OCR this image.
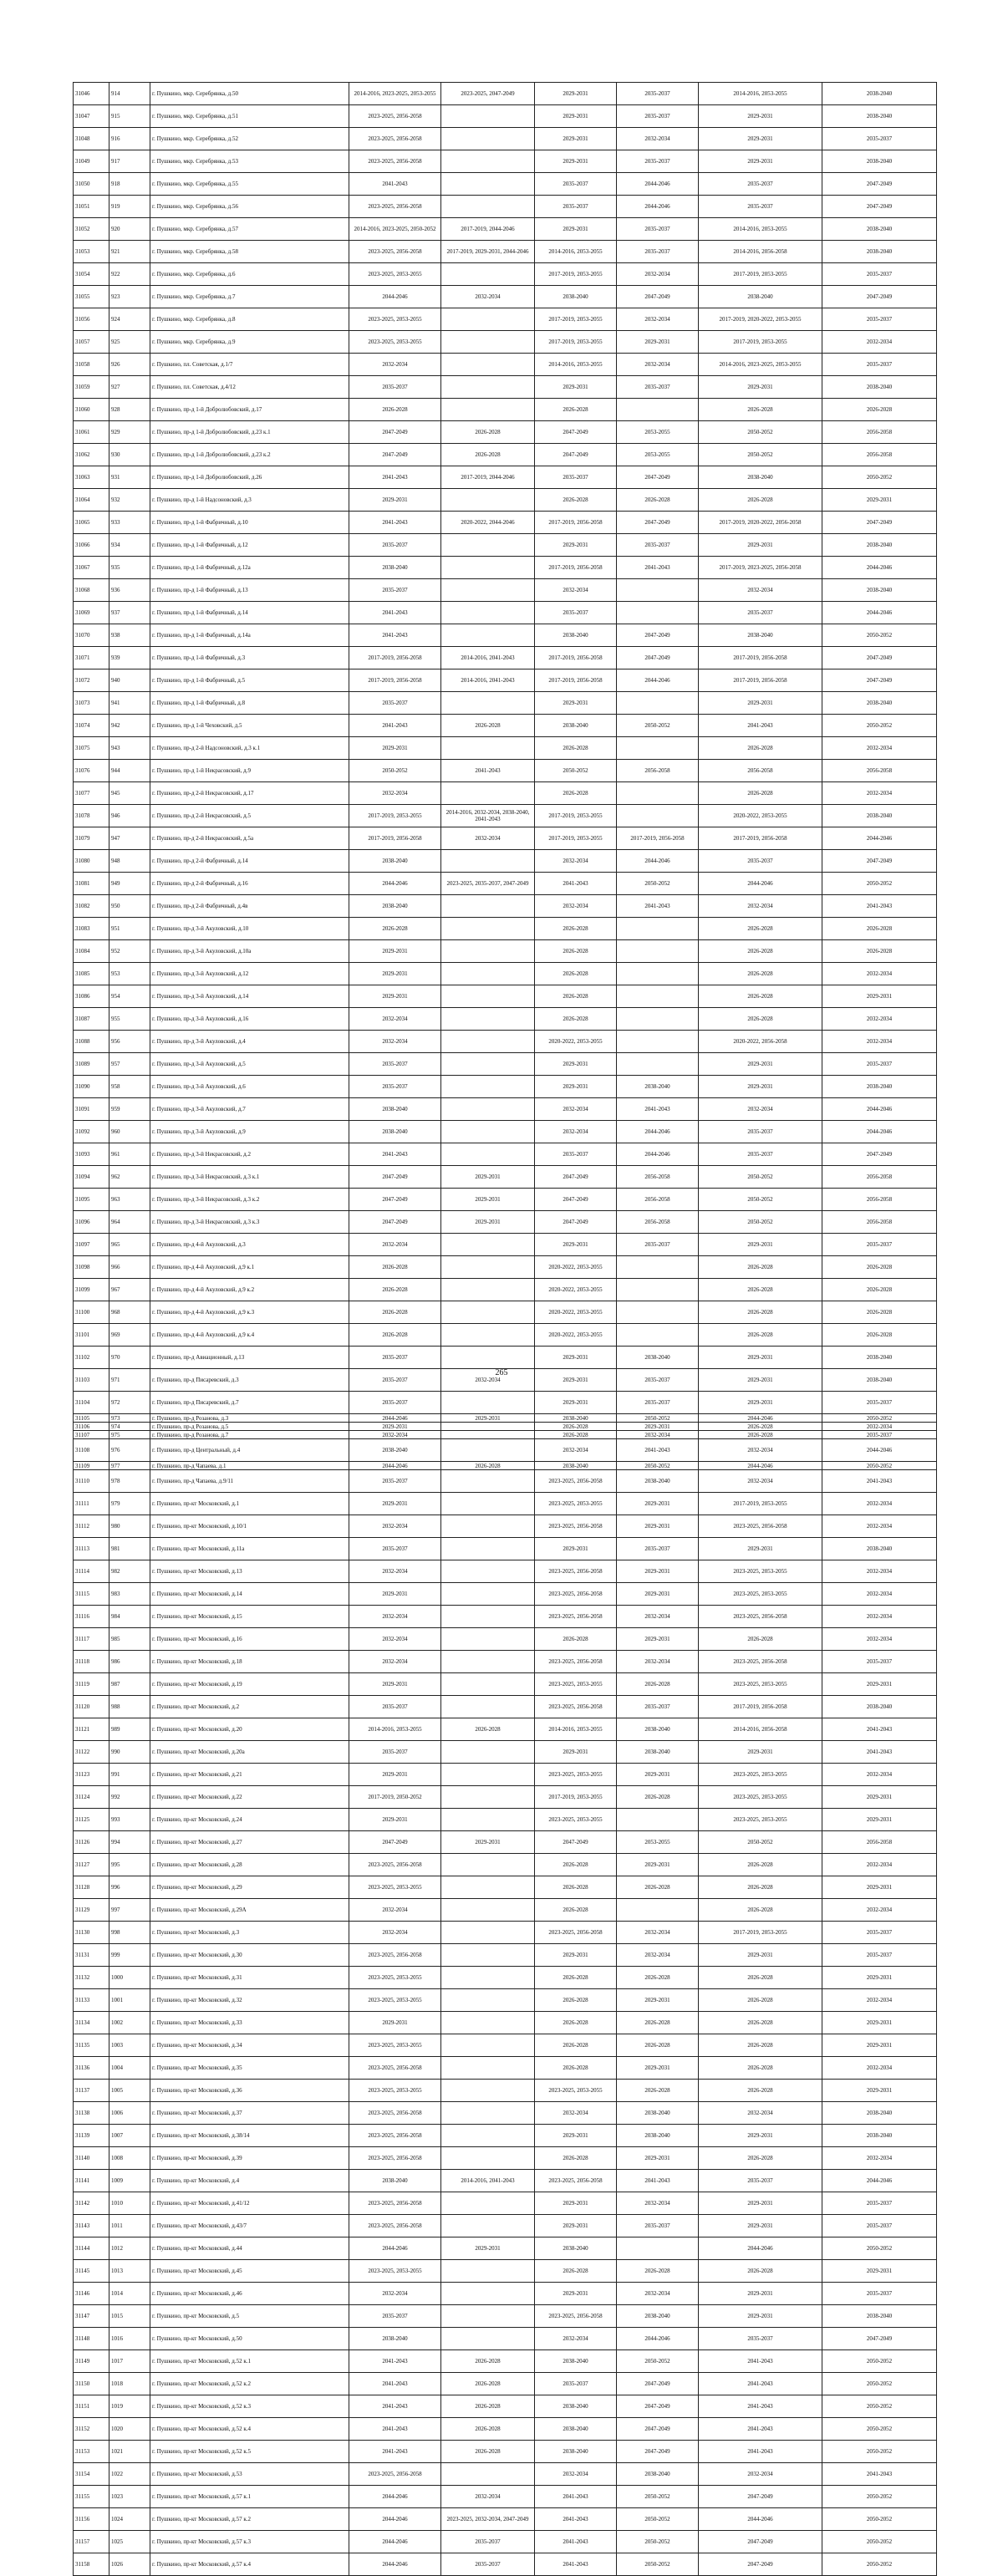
31046	914	г. Пушкино, мкр. Серебрянка, д.50	2014-2016, 2023-2025, 2053-2055	2023-2025, 2047-2049	2029-2031	2035-2037	2014-2016, 2053-2055	2038-2040
31047	915	г. Пушкино, мкр. Серебрянка, д.51	2023-2025, 2056-2058		2029-2031	2035-2037	2029-2031	2038-2040
31048	916	г. Пушкино, мкр. Серебрянка, д.52	2023-2025, 2056-2058		2029-2031	2032-2034	2029-2031	2035-2037
31049	917	г. Пушкино, мкр. Серебрянка, д.53	2023-2025, 2056-2058		2029-2031	2035-2037	2029-2031	2038-2040
31050	918	г. Пушкино, мкр. Серебрянка, д.55	2041-2043		2035-2037	2044-2046	2035-2037	2047-2049
31051	919	г. Пушкино, мкр. Серебрянка, д.56	2023-2025, 2056-2058		2035-2037	2044-2046	2035-2037	2047-2049
31052	920	г. Пушкино, мкр. Серебрянка, д.57	2014-2016, 2023-2025, 2050-2052	2017-2019, 2044-2046	2029-2031	2035-2037	2014-2016, 2053-2055	2038-2040
31053	921	г. Пушкино, мкр. Серебрянка, д.58	2023-2025, 2056-2058	2017-2019, 2029-2031, 2044-2046	2014-2016, 2053-2055	2035-2037	2014-2016, 2056-2058	2038-2040
31054	922	г. Пушкино, мкр. Серебрянка, д.6	2023-2025, 2053-2055		2017-2019, 2053-2055	2032-2034	2017-2019, 2053-2055	2035-2037
31055	923	г. Пушкино, мкр. Серебрянка, д.7	2044-2046	2032-2034	2038-2040	2047-2049	2038-2040	2047-2049
31056	924	г. Пушкино, мкр. Серебрянка, д.8	2023-2025, 2053-2055		2017-2019, 2053-2055	2032-2034	2017-2019, 2020-2022, 2053-2055	2035-2037
31057	925	г. Пушкино, мкр. Серебрянка, д.9	2023-2025, 2053-2055		2017-2019, 2053-2055	2029-2031	2017-2019, 2053-2055	2032-2034
31058	926	г. Пушкино, пл. Советская, д.1/7	2032-2034		2014-2016, 2053-2055	2032-2034	2014-2016, 2023-2025, 2053-2055	2035-2037
31059	927	г. Пушкино, пл. Советская, д.4/12	2035-2037		2029-2031	2035-2037	2029-2031	2038-2040
31060	928	г. Пушкино, пр-д 1-й Добролюбовский, д.17	2026-2028		2026-2028		2026-2028	2026-2028
31061	929	г. Пушкино, пр-д 1-й Добролюбовский, д.23 к.1	2047-2049	2026-2028	2047-2049	2053-2055	2050-2052	2056-2058
31062	930	г. Пушкино, пр-д 1-й Добролюбовский, д.23 к.2	2047-2049	2026-2028	2047-2049	2053-2055	2050-2052	2056-2058
31063	931	г. Пушкино, пр-д 1-й Добролюбовский, д.26	2041-2043	2017-2019, 2044-2046	2035-2037	2047-2049	2038-2040	2050-2052
31064	932	г. Пушкино, пр-д 1-й Надсоновский, д.3	2029-2031		2026-2028	2026-2028	2026-2028	2029-2031
31065	933	г. Пушкино, пр-д 1-й Фабричный, д.10	2041-2043	2020-2022, 2044-2046	2017-2019, 2056-2058	2047-2049	2017-2019, 2020-2022, 2056-2058	2047-2049
31066	934	г. Пушкино, пр-д 1-й Фабричный, д.12	2035-2037		2029-2031	2035-2037	2029-2031	2038-2040
31067	935	г. Пушкино, пр-д 1-й Фабричный, д.12а	2038-2040		2017-2019, 2056-2058	2041-2043	2017-2019, 2023-2025, 2056-2058	2044-2046
31068	936	г. Пушкино, пр-д 1-й Фабричный, д.13	2035-2037		2032-2034		2032-2034	2038-2040
31069	937	г. Пушкино, пр-д 1-й Фабричный, д.14	2041-2043		2035-2037		2035-2037	2044-2046
31070	938	г. Пушкино, пр-д 1-й Фабричный, д.14а	2041-2043		2038-2040	2047-2049	2038-2040	2050-2052
31071	939	г. Пушкино, пр-д 1-й Фабричный, д.3	2017-2019, 2056-2058	2014-2016, 2041-2043	2017-2019, 2056-2058	2047-2049	2017-2019, 2056-2058	2047-2049
31072	940	г. Пушкино, пр-д 1-й Фабричный, д.5	2017-2019, 2056-2058	2014-2016, 2041-2043	2017-2019, 2056-2058	2044-2046	2017-2019, 2056-2058	2047-2049
31073	941	г. Пушкино, пр-д 1-й Фабричный, д.8	2035-2037		2029-2031		2029-2031	2038-2040
31074	942	г. Пушкино, пр-д 1-й Чеховский, д.5	2041-2043	2026-2028	2038-2040	2050-2052	2041-2043	2050-2052
31075	943	г. Пушкино, пр-д 2-й Надсоновский, д.3 к.1	2029-2031		2026-2028		2026-2028	2032-2034
31076	944	г. Пушкино, пр-д 1-й Некрасовский, д.9	2050-2052	2041-2043	2050-2052	2056-2058	2056-2058	2056-2058
31077	945	г. Пушкино, пр-д 2-й Некрасовский, д.17	2032-2034		2026-2028		2026-2028	2032-2034
31078	946	г. Пушкино, пр-д 2-й Некрасовский, д.5	2017-2019, 2053-2055	2014-2016, 2032-2034, 2038-2040, 2041-2043	2017-2019, 2053-2055		2020-2022, 2053-2055	2038-2040
31079	947	г. Пушкино, пр-д 2-й Некрасовский, д.5а	2017-2019, 2056-2058	2032-2034	2017-2019, 2053-2055	2017-2019, 2056-2058	2017-2019, 2056-2058	2044-2046
31080	948	г. Пушкино, пр-д 2-й Фабричный, д.14	2038-2040		2032-2034	2044-2046	2035-2037	2047-2049
31081	949	г. Пушкино, пр-д 2-й Фабричный, д.16	2044-2046	2023-2025, 2035-2037, 2047-2049	2041-2043	2050-2052	2044-2046	2050-2052
31082	950	г. Пушкино, пр-д 2-й Фабричный, д.4в	2038-2040		2032-2034	2041-2043	2032-2034	2041-2043
31083	951	г. Пушкино, пр-д 3-й Акуловский, д.10	2026-2028		2026-2028		2026-2028	2026-2028
31084	952	г. Пушкино, пр-д 3-й Акуловский, д.10а	2029-2031		2026-2028		2026-2028	2026-2028
31085	953	г. Пушкино, пр-д 3-й Акуловский, д.12	2029-2031		2026-2028		2026-2028	2032-2034
31086	954	г. Пушкино, пр-д 3-й Акуловский, д.14	2029-2031		2026-2028		2026-2028	2029-2031
31087	955	г. Пушкино, пр-д 3-й Акуловский, д.16	2032-2034		2026-2028		2026-2028	2032-2034
31088	956	г. Пушкино, пр-д 3-й Акуловский, д.4	2032-2034		2020-2022, 2053-2055		2020-2022, 2056-2058	2032-2034
31089	957	г. Пушкино, пр-д 3-й Акуловский, д.5	2035-2037		2029-2031		2029-2031	2035-2037
31090	958	г. Пушкино, пр-д 3-й Акуловский, д.6	2035-2037		2029-2031	2038-2040	2029-2031	2038-2040
31091	959	г. Пушкино, пр-д 3-й Акуловский, д.7	2038-2040		2032-2034	2041-2043	2032-2034	2044-2046
31092	960	г. Пушкино, пр-д 3-й Акуловский, д.9	2038-2040		2032-2034	2044-2046	2035-2037	2044-2046
31093	961	г. Пушкино, пр-д 3-й Некрасовский, д.2	2041-2043		2035-2037	2044-2046	2035-2037	2047-2049
31094	962	г. Пушкино, пр-д 3-й Некрасовский, д.3 к.1	2047-2049	2029-2031	2047-2049	2056-2058	2050-2052	2056-2058
31095	963	г. Пушкино, пр-д 3-й Некрасовский, д.3 к.2	2047-2049	2029-2031	2047-2049	2056-2058	2050-2052	2056-2058
31096	964	г. Пушкино, пр-д 3-й Некрасовский, д.3 к.3	2047-2049	2029-2031	2047-2049	2056-2058	2050-2052	2056-2058
31097	965	г. Пушкино, пр-д 4-й Акуловский, д.3	2032-2034		2029-2031	2035-2037	2029-2031	2035-2037
31098	966	г. Пушкино, пр-д 4-й Акуловский, д.9 к.1	2026-2028		2020-2022, 2053-2055		2026-2028	2026-2028
31099	967	г. Пушкино, пр-д 4-й Акуловский, д.9 к.2	2026-2028		2020-2022, 2053-2055		2026-2028	2026-2028
31100	968	г. Пушкино, пр-д 4-й Акуловский, д.9 к.3	2026-2028		2020-2022, 2053-2055		2026-2028	2026-2028
31101	969	г. Пушкино, пр-д 4-й Акуловский, д.9 к.4	2026-2028		2020-2022, 2053-2055		2026-2028	2026-2028
31102	970	г. Пушкино, пр-д Авиационный, д.13	2035-2037		2029-2031	2038-2040	2029-2031	2038-2040
31103	971	г. Пушкино, пр-д Писаревский, д.3	2035-2037	2032-2034	2029-2031	2035-2037	2029-2031	2038-2040
31104	972	г. Пушкино, пр-д Писаревский, д.7	2035-2037		2029-2031	2035-2037	2029-2031	2035-2037
31105	973	г. Пушкино, пр-д Розанова, д.3	2044-2046	2029-2031	2038-2040	2050-2052	2044-2046	2050-2052
31106	974	г. Пушкино, пр-д Розанова, д.5	2029-2031		2026-2028	2029-2031	2026-2028	2032-2034
31107	975	г. Пушкино, пр-д Розанова, д.7	2032-2034		2026-2028	2032-2034	2026-2028	2035-2037
31108	976	г. Пушкино, пр-д Центральный, д.4	2038-2040		2032-2034	2041-2043	2032-2034	2044-2046
31109	977	г. Пушкино, пр-д Чапаева, д.1	2044-2046	2026-2028	2038-2040	2050-2052	2044-2046	2050-2052
31110	978	г. Пушкино, пр-д Чапаева, д.9/11	2035-2037		2023-2025, 2056-2058	2038-2040	2032-2034	2041-2043
31111	979	г. Пушкино, пр-кт Московский, д.1	2029-2031		2023-2025, 2053-2055	2029-2031	2017-2019, 2053-2055	2032-2034
31112	980	г. Пушкино, пр-кт Московский, д.10/1	2032-2034		2023-2025, 2056-2058	2029-2031	2023-2025, 2056-2058	2032-2034
31113	981	г. Пушкино, пр-кт Московский, д.11а	2035-2037		2029-2031	2035-2037	2029-2031	2038-2040
31114	982	г. Пушкино, пр-кт Московский, д.13	2032-2034		2023-2025, 2056-2058	2029-2031	2023-2025, 2053-2055	2032-2034
31115	983	г. Пушкино, пр-кт Московский, д.14	2029-2031		2023-2025, 2056-2058	2029-2031	2023-2025, 2053-2055	2032-2034
31116	984	г. Пушкино, пр-кт Московский, д.15	2032-2034		2023-2025, 2056-2058	2032-2034	2023-2025, 2056-2058	2032-2034
31117	985	г. Пушкино, пр-кт Московский, д.16	2032-2034		2026-2028	2029-2031	2026-2028	2032-2034
31118	986	г. Пушкино, пр-кт Московский, д.18	2032-2034		2023-2025, 2056-2058	2032-2034	2023-2025, 2056-2058	2035-2037
31119	987	г. Пушкино, пр-кт Московский, д.19	2029-2031		2023-2025, 2053-2055	2026-2028	2023-2025, 2053-2055	2029-2031
31120	988	г. Пушкино, пр-кт Московский, д.2	2035-2037		2023-2025, 2056-2058	2035-2037	2017-2019, 2056-2058	2038-2040
31121	989	г. Пушкино, пр-кт Московский, д.20	2014-2016, 2053-2055	2026-2028	2014-2016, 2053-2055	2038-2040	2014-2016, 2056-2058	2041-2043
31122	990	г. Пушкино, пр-кт Московский, д.20а	2035-2037		2029-2031	2038-2040	2029-2031	2041-2043
31123	991	г. Пушкино, пр-кт Московский, д.21	2029-2031		2023-2025, 2053-2055	2029-2031	2023-2025, 2053-2055	2032-2034
31124	992	г. Пушкино, пр-кт Московский, д.22	2017-2019, 2050-2052		2017-2019, 2053-2055	2026-2028	2023-2025, 2053-2055	2029-2031
31125	993	г. Пушкино, пр-кт Московский, д.24	2029-2031		2023-2025, 2053-2055		2023-2025, 2053-2055	2029-2031
31126	994	г. Пушкино, пр-кт Московский, д.27	2047-2049	2029-2031	2047-2049	2053-2055	2050-2052	2056-2058
31127	995	г. Пушкино, пр-кт Московский, д.28	2023-2025, 2056-2058		2026-2028	2029-2031	2026-2028	2032-2034
31128	996	г. Пушкино, пр-кт Московский, д.29	2023-2025, 2053-2055		2026-2028	2026-2028	2026-2028	2029-2031
31129	997	г. Пушкино, пр-кт Московский, д.29А	2032-2034		2026-2028		2026-2028	2032-2034
31130	998	г. Пушкино, пр-кт Московский, д.3	2032-2034		2023-2025, 2056-2058	2032-2034	2017-2019, 2053-2055	2035-2037
31131	999	г. Пушкино, пр-кт Московский, д.30	2023-2025, 2056-2058		2029-2031	2032-2034	2029-2031	2035-2037
31132	1000	г. Пушкино, пр-кт Московский, д.31	2023-2025, 2053-2055		2026-2028	2026-2028	2026-2028	2029-2031
31133	1001	г. Пушкино, пр-кт Московский, д.32	2023-2025, 2053-2055		2026-2028	2029-2031	2026-2028	2032-2034
31134	1002	г. Пушкино, пр-кт Московский, д.33	2029-2031		2026-2028	2026-2028	2026-2028	2029-2031
31135	1003	г. Пушкино, пр-кт Московский, д.34	2023-2025, 2053-2055		2026-2028	2026-2028	2026-2028	2029-2031
31136	1004	г. Пушкино, пр-кт Московский, д.35	2023-2025, 2056-2058		2026-2028	2029-2031	2026-2028	2032-2034
31137	1005	г. Пушкино, пр-кт Московский, д.36	2023-2025, 2053-2055		2023-2025, 2053-2055	2026-2028	2026-2028	2029-2031
31138	1006	г. Пушкино, пр-кт Московский, д.37	2023-2025, 2056-2058		2032-2034	2038-2040	2032-2034	2038-2040
31139	1007	г. Пушкино, пр-кт Московский, д.38/14	2023-2025, 2056-2058		2029-2031	2038-2040	2029-2031	2038-2040
31140	1008	г. Пушкино, пр-кт Московский, д.39	2023-2025, 2056-2058		2026-2028	2029-2031	2026-2028	2032-2034
31141	1009	г. Пушкино, пр-кт Московский, д.4	2038-2040	2014-2016, 2041-2043	2023-2025, 2056-2058	2041-2043	2035-2037	2044-2046
31142	1010	г. Пушкино, пр-кт Московский, д.41/12	2023-2025, 2056-2058		2029-2031	2032-2034	2029-2031	2035-2037
31143	1011	г. Пушкино, пр-кт Московский, д.43/7	2023-2025, 2056-2058		2029-2031	2035-2037	2029-2031	2035-2037
31144	1012	г. Пушкино, пр-кт Московский, д.44	2044-2046	2029-2031	2038-2040		2044-2046	2050-2052
31145	1013	г. Пушкино, пр-кт Московский, д.45	2023-2025, 2053-2055		2026-2028	2026-2028	2026-2028	2029-2031
31146	1014	г. Пушкино, пр-кт Московский, д.46	2032-2034		2029-2031	2032-2034	2029-2031	2035-2037
31147	1015	г. Пушкино, пр-кт Московский, д.5	2035-2037		2023-2025, 2056-2058	2038-2040	2029-2031	2038-2040
31148	1016	г. Пушкино, пр-кт Московский, д.50	2038-2040		2032-2034	2044-2046	2035-2037	2047-2049
31149	1017	г. Пушкино, пр-кт Московский, д.52 к.1	2041-2043	2026-2028	2038-2040	2050-2052	2041-2043	2050-2052
31150	1018	г. Пушкино, пр-кт Московский, д.52 к.2	2041-2043	2026-2028	2035-2037	2047-2049	2041-2043	2050-2052
31151	1019	г. Пушкино, пр-кт Московский, д.52 к.3	2041-2043	2026-2028	2038-2040	2047-2049	2041-2043	2050-2052
31152	1020	г. Пушкино, пр-кт Московский, д.52 к.4	2041-2043	2026-2028	2038-2040	2047-2049	2041-2043	2050-2052
31153	1021	г. Пушкино, пр-кт Московский, д.52 к.5	2041-2043	2026-2028	2038-2040	2047-2049	2041-2043	2050-2052
31154	1022	г. Пушкино, пр-кт Московский, д.53	2023-2025, 2056-2058		2032-2034	2038-2040	2032-2034	2041-2043
31155	1023	г. Пушкино, пр-кт Московский, д.57 к.1	2044-2046	2032-2034	2041-2043	2050-2052	2047-2049	2050-2052
31156	1024	г. Пушкино, пр-кт Московский, д.57 к.2	2044-2046	2023-2025, 2032-2034, 2047-2049	2041-2043	2050-2052	2044-2046	2050-2052
31157	1025	г. Пушкино, пр-кт Московский, д.57 к.3	2044-2046	2035-2037	2041-2043	2050-2052	2047-2049	2050-2052
31158	1026	г. Пушкино, пр-кт Московский, д.57 к.4	2044-2046	2035-2037	2041-2043	2050-2052	2047-2049	2050-2052
265
